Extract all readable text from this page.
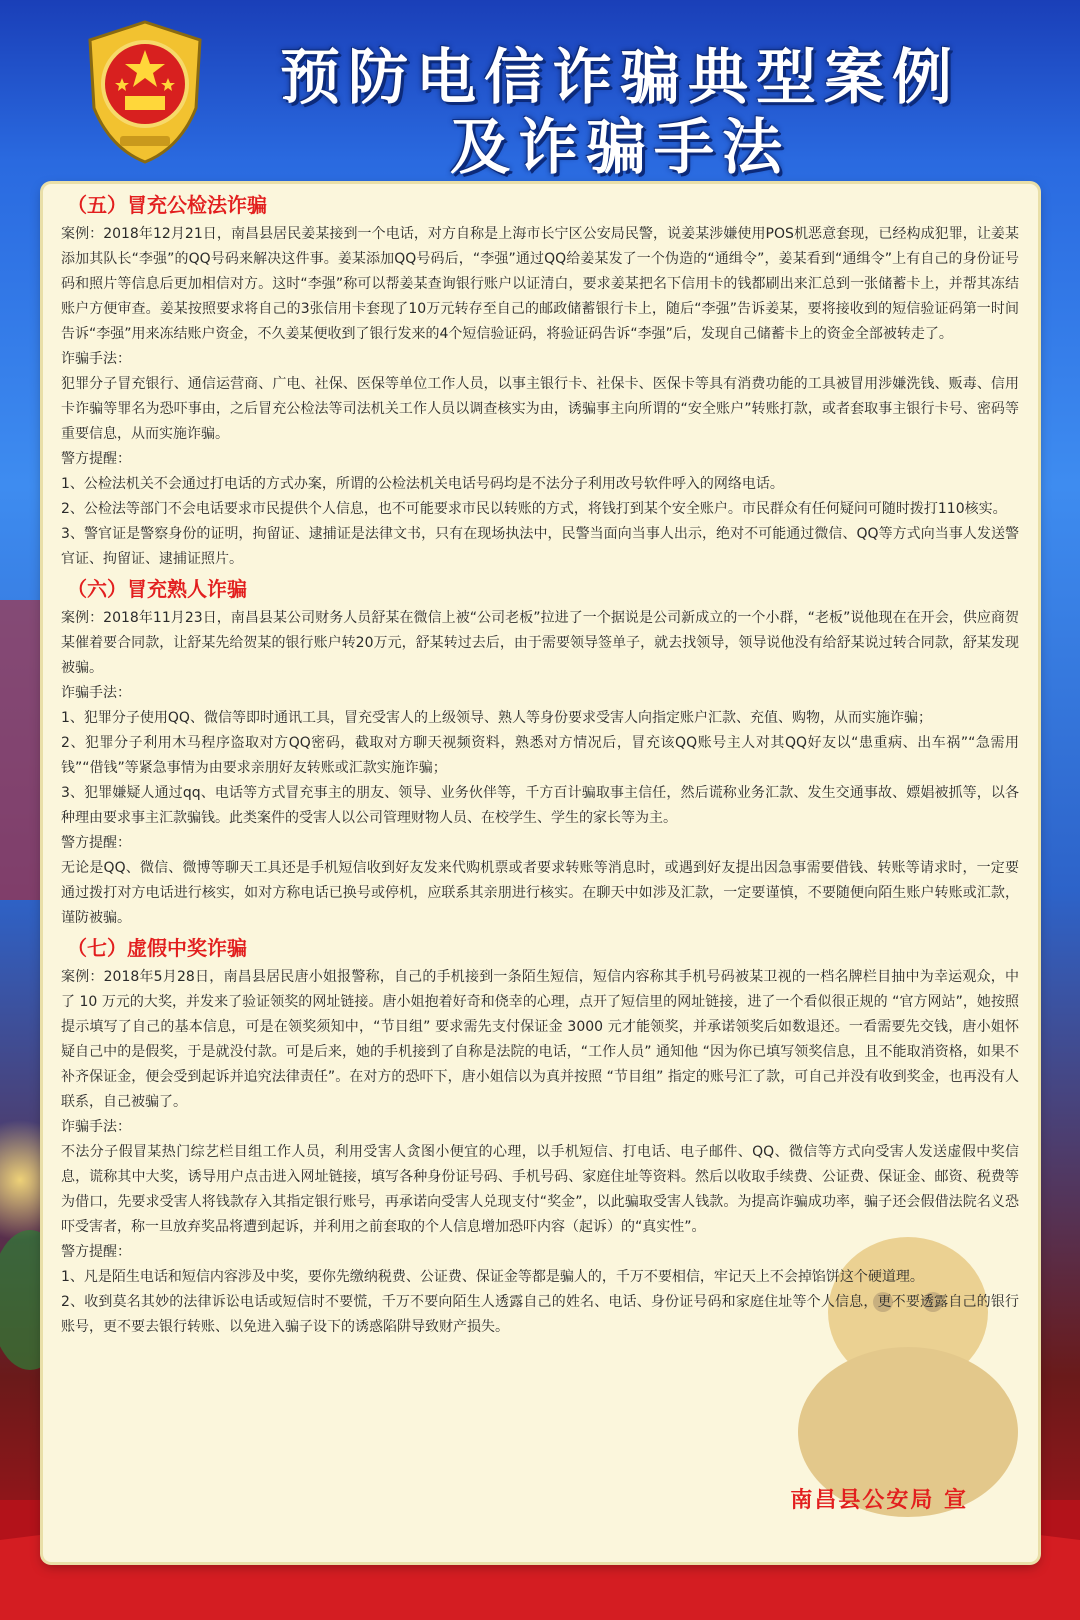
预防电信诈骗典型案例
及诈骗手法

（五）冒充公检法诈骗

案例：2018年12月21日，南昌县居民姜某接到一个电话，对方自称是上海市长宁区公安局民警，说姜某涉嫌使用POS机恶意套现，已经构成犯罪，让姜某添加其队长“李强”的QQ号码来解决这件事。姜某添加QQ号码后，“李强”通过QQ给姜某发了一个伪造的“通缉令”，姜某看到“通缉令”上有自己的身份证号码和照片等信息后更加相信对方。这时“李强”称可以帮姜某查询银行账户以证清白，要求姜某把名下信用卡的钱都刷出来汇总到一张储蓄卡上，并帮其冻结账户方便审查。姜某按照要求将自己的3张信用卡套现了10万元转存至自己的邮政储蓄银行卡上，随后“李强”告诉姜某，要将接收到的短信验证码第一时间告诉“李强”用来冻结账户资金，不久姜某便收到了银行发来的4个短信验证码，将验证码告诉“李强”后，发现自己储蓄卡上的资金全部被转走了。

诈骗手法：

犯罪分子冒充银行、通信运营商、广电、社保、医保等单位工作人员，以事主银行卡、社保卡、医保卡等具有消费功能的工具被冒用涉嫌洗钱、贩毒、信用卡诈骗等罪名为恐吓事由，之后冒充公检法等司法机关工作人员以调查核实为由，诱骗事主向所谓的“安全账户”转账打款，或者套取事主银行卡号、密码等重要信息，从而实施诈骗。

警方提醒：

1、公检法机关不会通过打电话的方式办案，所谓的公检法机关电话号码均是不法分子利用改号软件呼入的网络电话。

2、公检法等部门不会电话要求市民提供个人信息，也不可能要求市民以转账的方式，将钱打到某个安全账户。市民群众有任何疑问可随时拨打110核实。

3、警官证是警察身份的证明，拘留证、逮捕证是法律文书，只有在现场执法中，民警当面向当事人出示，绝对不可能通过微信、QQ等方式向当事人发送警官证、拘留证、逮捕证照片。

（六）冒充熟人诈骗

案例：2018年11月23日，南昌县某公司财务人员舒某在微信上被“公司老板”拉进了一个据说是公司新成立的一个小群，“老板”说他现在在开会，供应商贺某催着要合同款，让舒某先给贺某的银行账户转20万元，舒某转过去后，由于需要领导签单子，就去找领导，领导说他没有给舒某说过转合同款，舒某发现被骗。

诈骗手法：

1、犯罪分子使用QQ、微信等即时通讯工具，冒充受害人的上级领导、熟人等身份要求受害人向指定账户汇款、充值、购物，从而实施诈骗；

2、犯罪分子利用木马程序盗取对方QQ密码，截取对方聊天视频资料，熟悉对方情况后，冒充该QQ账号主人对其QQ好友以“患重病、出车祸”“急需用钱”“借钱”等紧急事情为由要求亲朋好友转账或汇款实施诈骗；

3、犯罪嫌疑人通过qq、电话等方式冒充事主的朋友、领导、业务伙伴等，千方百计骗取事主信任，然后谎称业务汇款、发生交通事故、嫖娼被抓等，以各种理由要求事主汇款骗钱。此类案件的受害人以公司管理财物人员、在校学生、学生的家长等为主。

警方提醒：

无论是QQ、微信、微博等聊天工具还是手机短信收到好友发来代购机票或者要求转账等消息时，或遇到好友提出因急事需要借钱、转账等请求时，一定要通过拨打对方电话进行核实，如对方称电话已换号或停机，应联系其亲朋进行核实。在聊天中如涉及汇款，一定要谨慎，不要随便向陌生账户转账或汇款，谨防被骗。

（七）虚假中奖诈骗

案例：2018年5月28日，南昌县居民唐小姐报警称，自己的手机接到一条陌生短信，短信内容称其手机号码被某卫视的一档名牌栏目抽中为幸运观众，中了 10 万元的大奖，并发来了验证领奖的网址链接。唐小姐抱着好奇和侥幸的心理，点开了短信里的网址链接，进了一个看似很正规的 “官方网站”，她按照提示填写了自己的基本信息，可是在领奖须知中，“节目组” 要求需先支付保证金 3000 元才能领奖，并承诺领奖后如数退还。一看需要先交钱，唐小姐怀疑自己中的是假奖，于是就没付款。可是后来，她的手机接到了自称是法院的电话，“工作人员” 通知他 “因为你已填写领奖信息，且不能取消资格，如果不补齐保证金，便会受到起诉并追究法律责任”。在对方的恐吓下，唐小姐信以为真并按照 “节目组” 指定的账号汇了款，可自己并没有收到奖金，也再没有人联系，自己被骗了。

诈骗手法：

不法分子假冒某热门综艺栏目组工作人员，利用受害人贪图小便宜的心理，以手机短信、打电话、电子邮件、QQ、微信等方式向受害人发送虚假中奖信息，谎称其中大奖，诱导用户点击进入网址链接，填写各种身份证号码、手机号码、家庭住址等资料。然后以收取手续费、公证费、保证金、邮资、税费等为借口，先要求受害人将钱款存入其指定银行账号，再承诺向受害人兑现支付“奖金”，以此骗取受害人钱款。为提高诈骗成功率，骗子还会假借法院名义恐吓受害者，称一旦放弃奖品将遭到起诉，并利用之前套取的个人信息增加恐吓内容（起诉）的“真实性”。

警方提醒：

1、凡是陌生电话和短信内容涉及中奖，要你先缴纳税费、公证费、保证金等都是骗人的，千万不要相信，牢记天上不会掉馅饼这个硬道理。

2、收到莫名其妙的法律诉讼电话或短信时不要慌，千万不要向陌生人透露自己的姓名、电话、身份证号码和家庭住址等个人信息，更不要透露自己的银行账号，更不要去银行转账、以免进入骗子设下的诱惑陷阱导致财产损失。

南昌县公安局 宣
